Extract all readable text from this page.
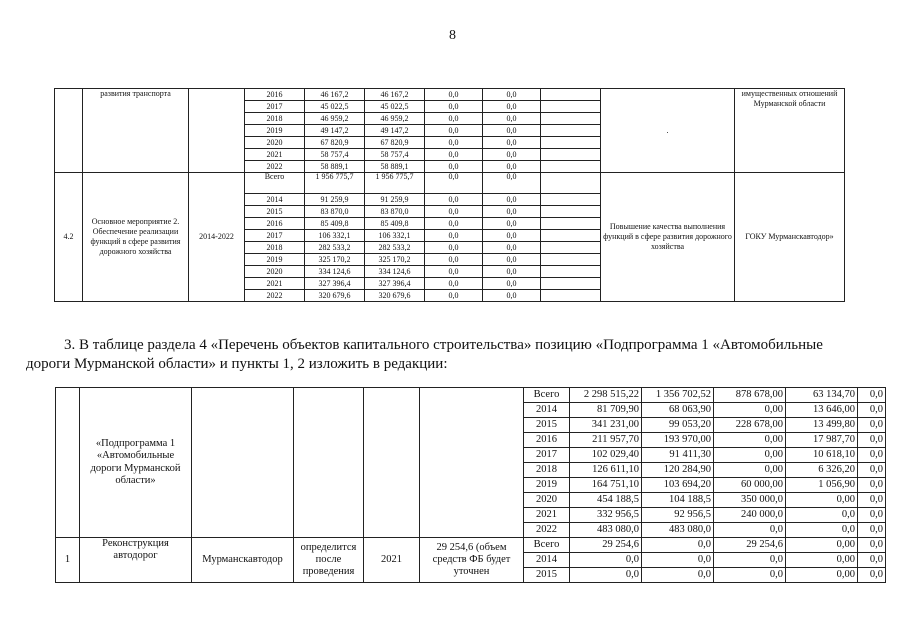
8
	развития транспорта		2016	46 167,2	46 167,2	0,0	0,0		.	имущественных отношений Мурманской области
			2017	45 022,5	45 022,5	0,0	0,0			
			2018	46 959,2	46 959,2	0,0	0,0			
			2019	49 147,2	49 147,2	0,0	0,0			
			2020	67 820,9	67 820,9	0,0	0,0			
			2021	58 757,4	58 757,4	0,0	0,0			
			2022	58 889,1	58 889,1	0,0	0,0			
4.2	Основное мероприятие 2. Обеспечение реализации функций в сфере развития дорожного хозяйства	2014-2022	Всего	1 956 775,7	1 956 775,7	0,0	0,0		Повышение качества выполнения функций в сфере развития дорожного хозяйства	ГОКУ Мурманскавтодор»
			2014	91 259,9	91 259,9	0,0	0,0			
			2015	83 870,0	83 870,0	0,0	0,0			
			2016	85 409,8	85 409,8	0,0	0,0			
			2017	106 332,1	106 332,1	0,0	0,0			
			2018	282 533,2	282 533,2	0,0	0,0			
			2019	325 170,2	325 170,2	0,0	0,0			
			2020	334 124,6	334 124,6	0,0	0,0			
			2021	327 396,4	327 396,4	0,0	0,0			
			2022	320 679,6	320 679,6	0,0	0,0			
3. В таблице раздела 4 «Перечень объектов капитального строительства» позицию «Подпрограмма 1 «Автомобильные
дороги Мурманской области» и пункты 1, 2 изложить в редакции:
	«Подпрограмма 1 «Автомобильные дороги Мурманской области»					Всего	2 298 515,22	1 356 702,52	878 678,00	63 134,70	0,0
						2014	81 709,90	68 063,90	0,00	13 646,00	0,0
						2015	341 231,00	99 053,20	228 678,00	13 499,80	0,0
						2016	211 957,70	193 970,00	0,00	17 987,70	0,0
						2017	102 029,40	91 411,30	0,00	10 618,10	0,0
						2018	126 611,10	120 284,90	0,00	6 326,20	0,0
						2019	164 751,10	103 694,20	60 000,00	1 056,90	0,0
						2020	454 188,5	104 188,5	350 000,0	0,00	0,0
						2021	332 956,5	92 956,5	240 000,0	0,0	0,0
						2022	483 080,0	483 080,0	0,0	0,0	0,0
1	Реконструкция автодорог	Мурманскавтодор	определится после проведения	2021	29 254,6 (объем средств ФБ будет уточнен	Всего	29 254,6	0,0	29 254,6	0,00	0,0
						2014	0,0	0,0	0,0	0,00	0,0
						2015	0,0	0,0	0,0	0,00	0,0
